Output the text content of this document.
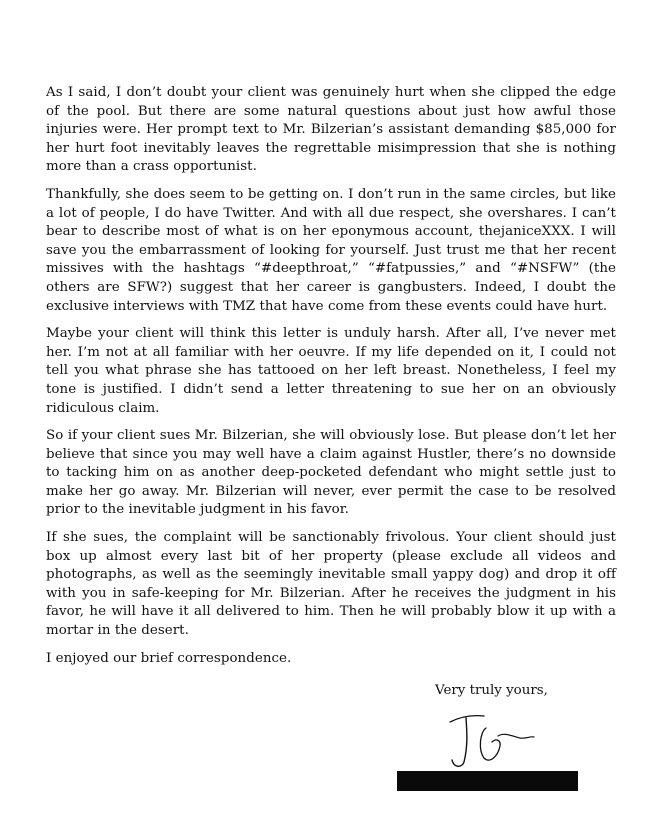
As I said, I don’t doubt your client was genuinely hurt when she clipped the edge of the pool. But there are some natural questions about just how awful those injuries were. Her prompt text to Mr. Bilzerian’s assistant demanding $85,000 for her hurt foot inevitably leaves the regrettable misimpression that she is nothing more than a crass opportunist.

Thankfully, she does seem to be getting on. I don’t run in the same circles, but like a lot of people, I do have Twitter. And with all due respect, she overshares. I can’t bear to describe most of what is on her eponymous account, thejaniceXXX. I will save you the embarrassment of looking for yourself. Just trust me that her recent missives with the hashtags “#deepthroat,” “#fatpussies,” and “#NSFW” (the others are SFW?) suggest that her career is gangbusters. Indeed, I doubt the exclusive interviews with TMZ that have come from these events could have hurt.

Maybe your client will think this letter is unduly harsh. After all, I’ve never met her. I’m not at all familiar with her oeuvre. If my life depended on it, I could not tell you what phrase she has tattooed on her left breast. Nonetheless, I feel my tone is justified. I didn’t send a letter threatening to sue her on an obviously ridiculous claim.

So if your client sues Mr. Bilzerian, she will obviously lose. But please don’t let her believe that since you may well have a claim against Hustler, there’s no downside to tacking him on as another deep-pocketed defendant who might settle just to make her go away. Mr. Bilzerian will never, ever permit the case to be resolved prior to the inevitable judgment in his favor.

If she sues, the complaint will be sanctionably frivolous. Your client should just box up almost every last bit of her property (please exclude all videos and photographs, as well as the seemingly inevitable small yappy dog) and drop it off with you in safe-keeping for Mr. Bilzerian. After he receives the judgment in his favor, he will have it all delivered to him. Then he will probably blow it up with a mortar in the desert.

I enjoyed our brief correspondence.

Very truly yours,
